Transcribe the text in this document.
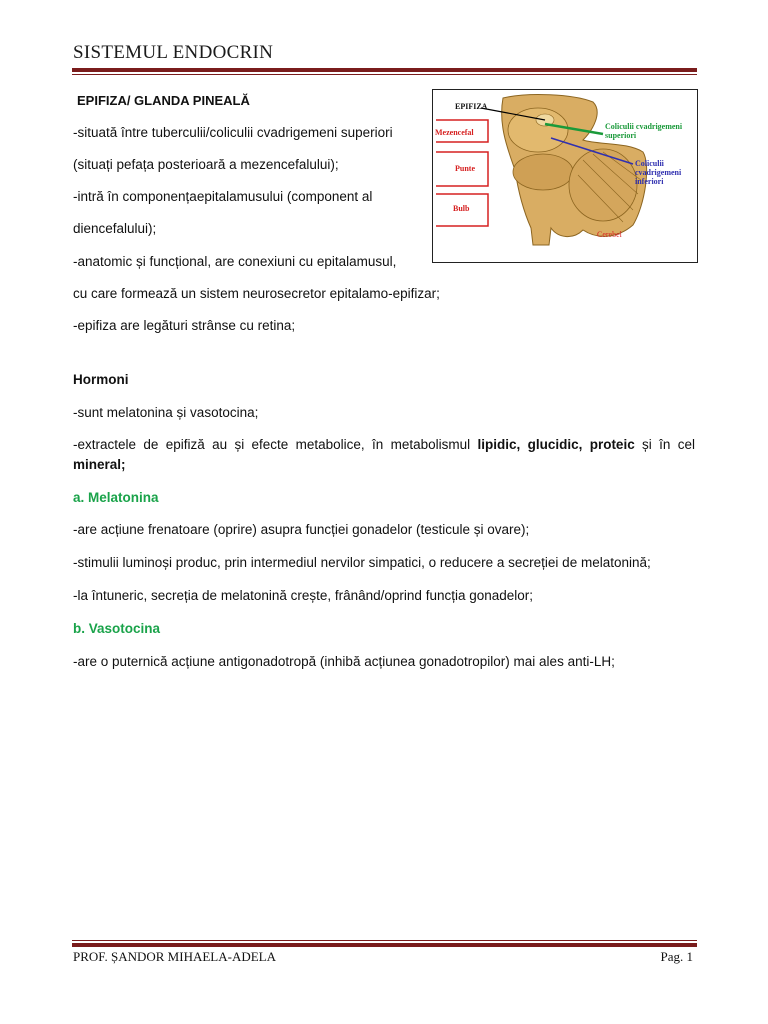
SISTEMUL ENDOCRIN
EPIFIZA/ GLANDA PINEALĂ
-situată între tuberculii/coliculii cvadrigemeni superiori
(situați pefața posterioară a mezencefalului);
-intră în componențaepitalamusului (component al
diencefalului);
-anatomic și funcțional, are conexiuni cu epitalamusul,
cu care formează un sistem neurosecretor epitalamo-epifizar;
-epifiza are legături strânse cu retina;
EPIFIZA
Mezencefal
Punte
Bulb
Coliculii cvadrigemeni
superiori
Coliculii
cvadrigemeni
inferiori
Cerebel
Hormoni
-sunt melatonina și vasotocina;
-extractele de epifiză au și efecte metabolice, în metabolismul lipidic, glucidic, proteic și în cel mineral;
a. Melatonina
-are acțiune frenatoare (oprire) asupra funcției gonadelor (testicule și ovare);
-stimulii luminoși produc, prin intermediul nervilor simpatici, o reducere a secreției de melatonină;
-la întuneric, secreția de melatonină crește, frânând/oprind funcția gonadelor;
b. Vasotocina
-are o puternică acțiune antigonadotropă (inhibă acțiunea gonadotropilor) mai ales anti-LH;
PROF. ȘANDOR MIHAELA-ADELA	Pag. 1
